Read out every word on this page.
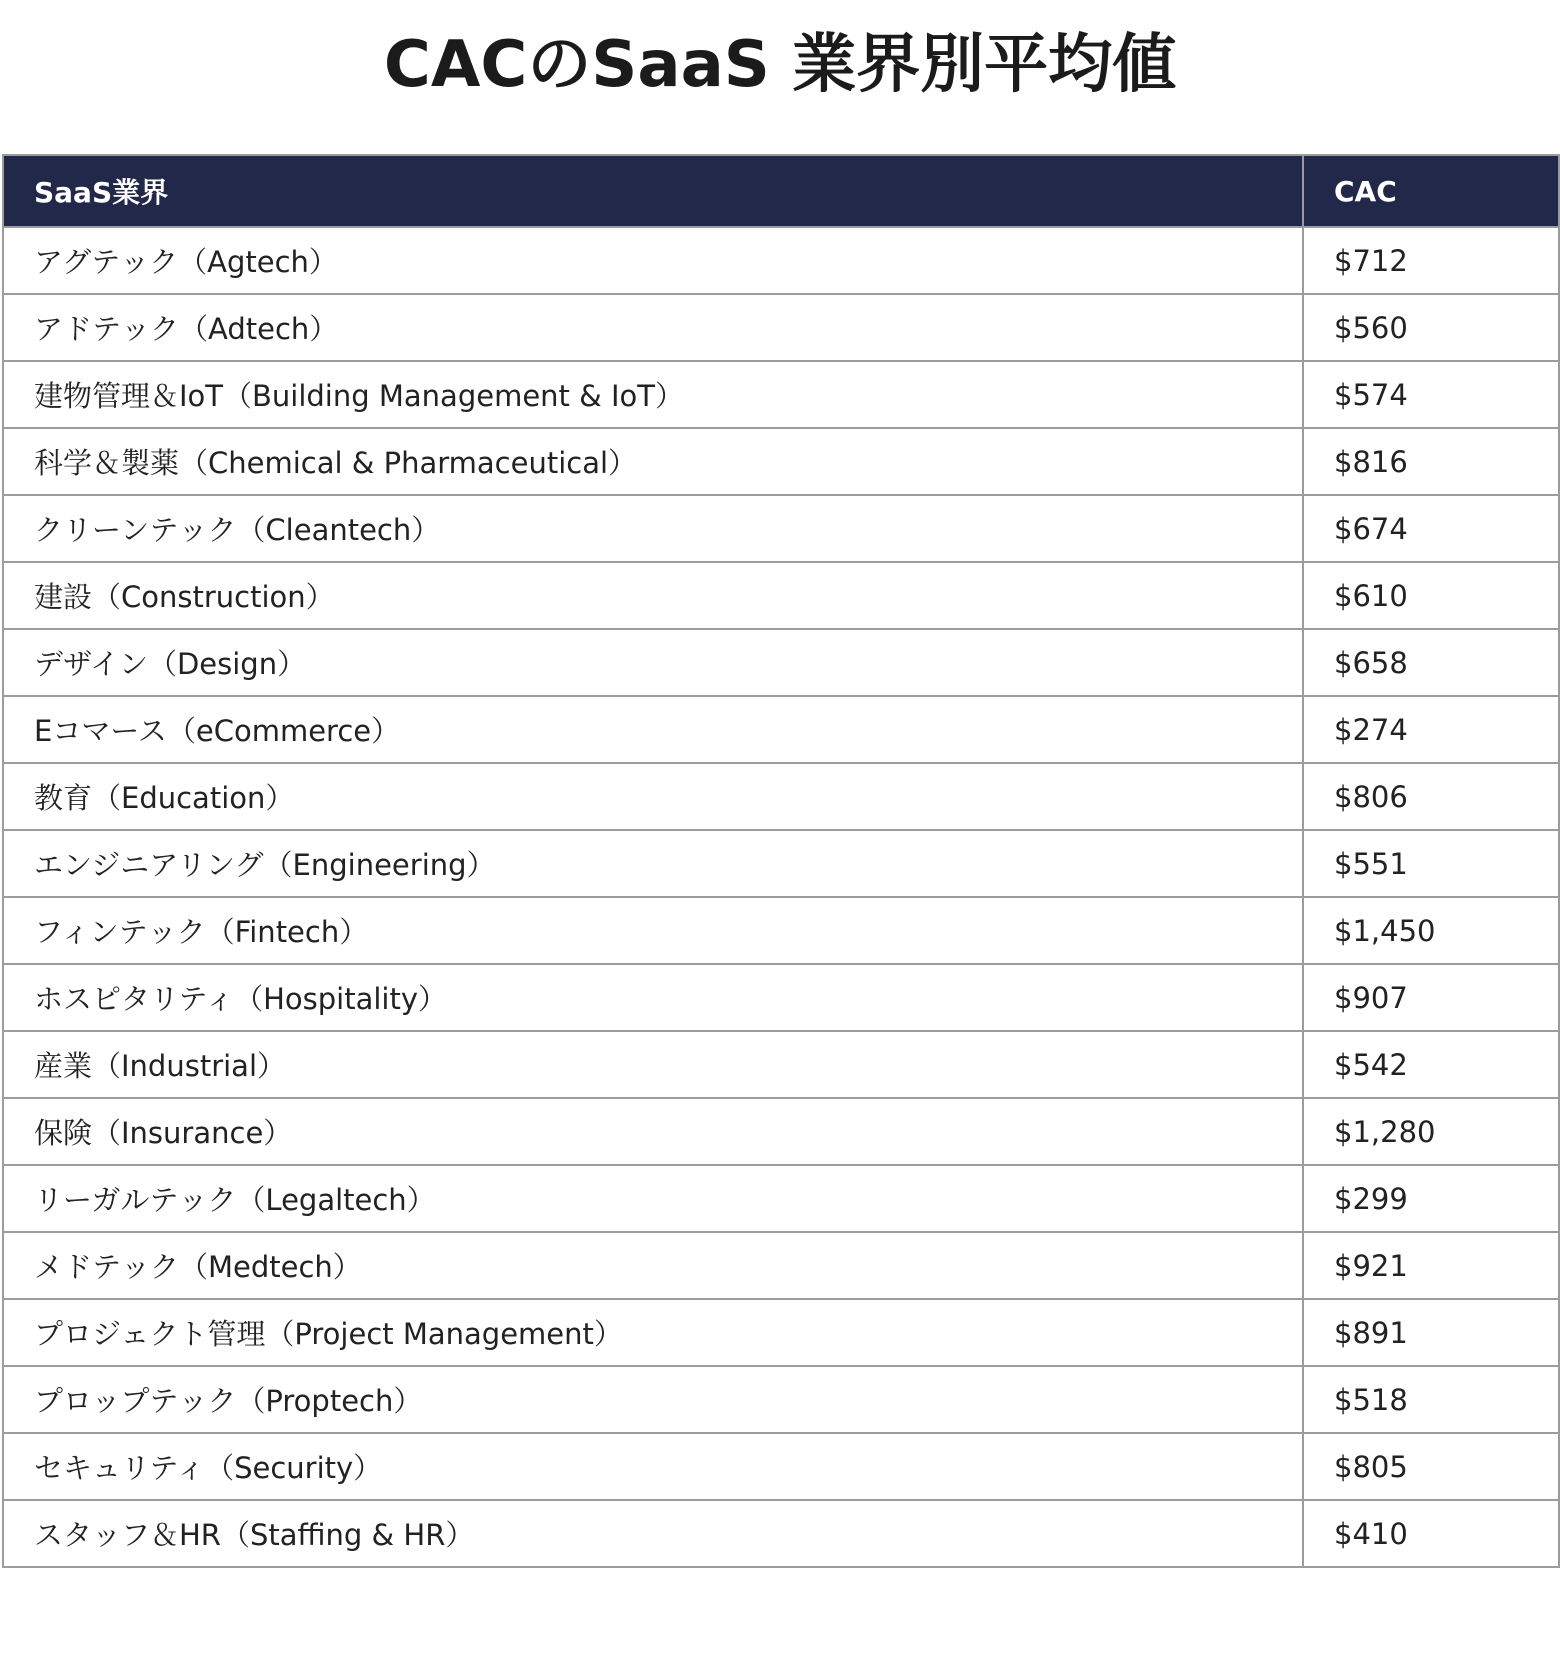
CACのSaaS 業界別平均値
SaaS業界	CAC
アグテック（Agtech）	$712
アドテック（Adtech）	$560
建物管理＆IoT（Building Management & IoT）	$574
科学＆製薬（Chemical & Pharmaceutical）	$816
クリーンテック（Cleantech）	$674
建設（Construction）	$610
デザイン（Design）	$658
Eコマース（eCommerce）	$274
教育（Education）	$806
エンジニアリング（Engineering）	$551
フィンテック（Fintech）	$1,450
ホスピタリティ（Hospitality）	$907
産業（Industrial）	$542
保険（Insurance）	$1,280
リーガルテック（Legaltech）	$299
メドテック（Medtech）	$921
プロジェクト管理（Project Management）	$891
プロップテック（Proptech）	$518
セキュリティ（Security）	$805
スタッフ＆HR（Staffing & HR）	$410
